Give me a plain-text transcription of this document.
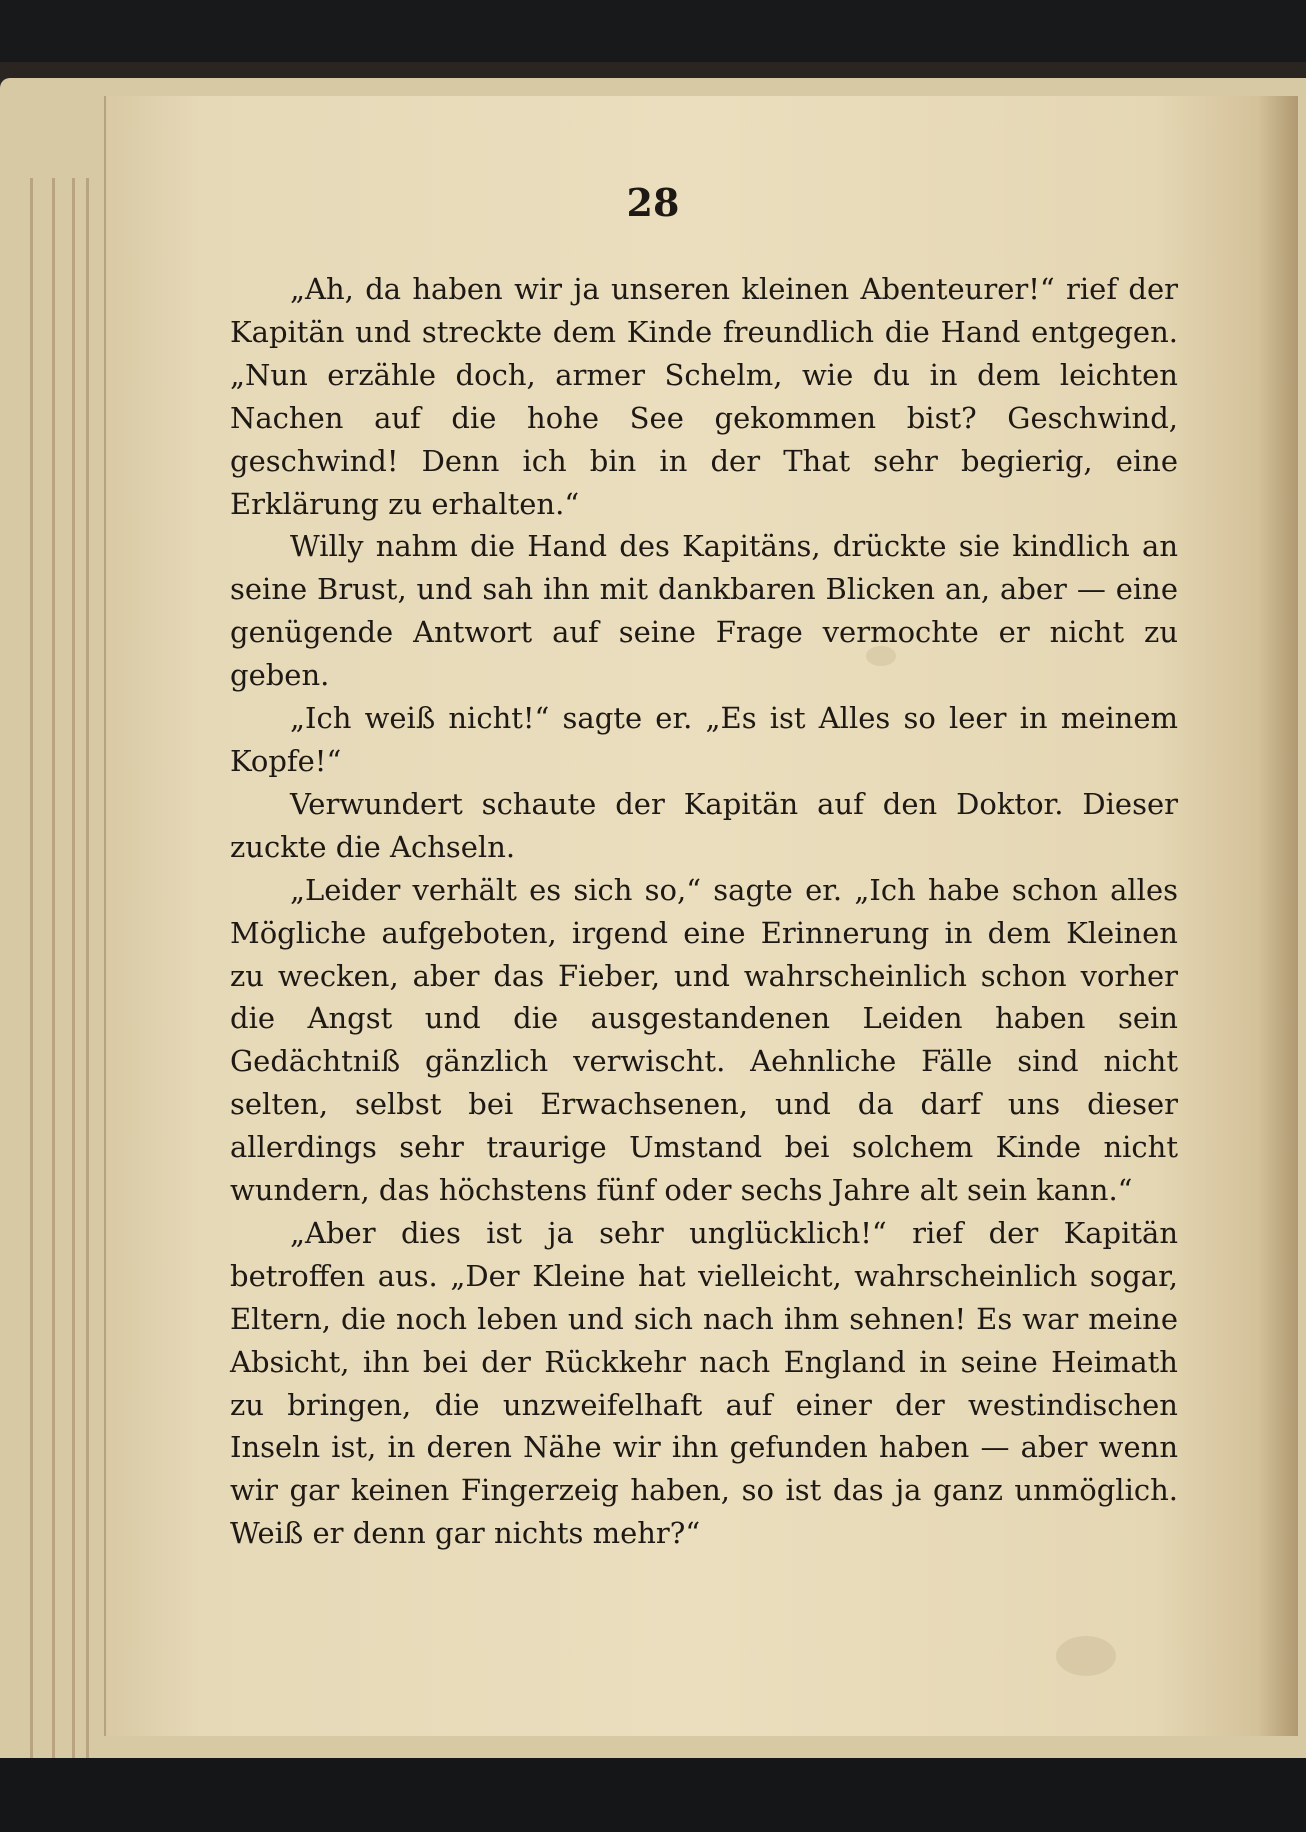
28

„Ah, da haben wir ja unseren kleinen Abenteurer!“ rief der Kapitän und streckte dem Kinde freundlich die Hand entgegen. „Nun erzähle doch, armer Schelm, wie du in dem leichten Nachen auf die hohe See gekommen bist? Geschwind, geschwind! Denn ich bin in der That sehr begierig, eine Erklärung zu erhalten.“

Willy nahm die Hand des Kapitäns, drückte sie kindlich an seine Brust, und sah ihn mit dankbaren Blicken an, aber — eine genügende Antwort auf seine Frage vermochte er nicht zu geben.

„Ich weiß nicht!“ sagte er. „Es ist Alles so leer in meinem Kopfe!“

Verwundert schaute der Kapitän auf den Doktor. Dieser zuckte die Achseln.

„Leider verhält es sich so,“ sagte er. „Ich habe schon alles Mögliche aufgeboten, irgend eine Erinnerung in dem Kleinen zu wecken, aber das Fieber, und wahrscheinlich schon vorher die Angst und die ausgestandenen Leiden haben sein Gedächtniß gänzlich verwischt. Aehnliche Fälle sind nicht selten, selbst bei Erwachsenen, und da darf uns dieser allerdings sehr traurige Umstand bei solchem Kinde nicht wundern, das höchstens fünf oder sechs Jahre alt sein kann.“

„Aber dies ist ja sehr unglücklich!“ rief der Kapitän betroffen aus. „Der Kleine hat vielleicht, wahrscheinlich sogar, Eltern, die noch leben und sich nach ihm sehnen! Es war meine Absicht, ihn bei der Rückkehr nach England in seine Heimath zu bringen, die unzweifelhaft auf einer der westindischen Inseln ist, in deren Nähe wir ihn gefunden haben — aber wenn wir gar keinen Fingerzeig haben, so ist das ja ganz unmöglich. Weiß er denn gar nichts mehr?“
